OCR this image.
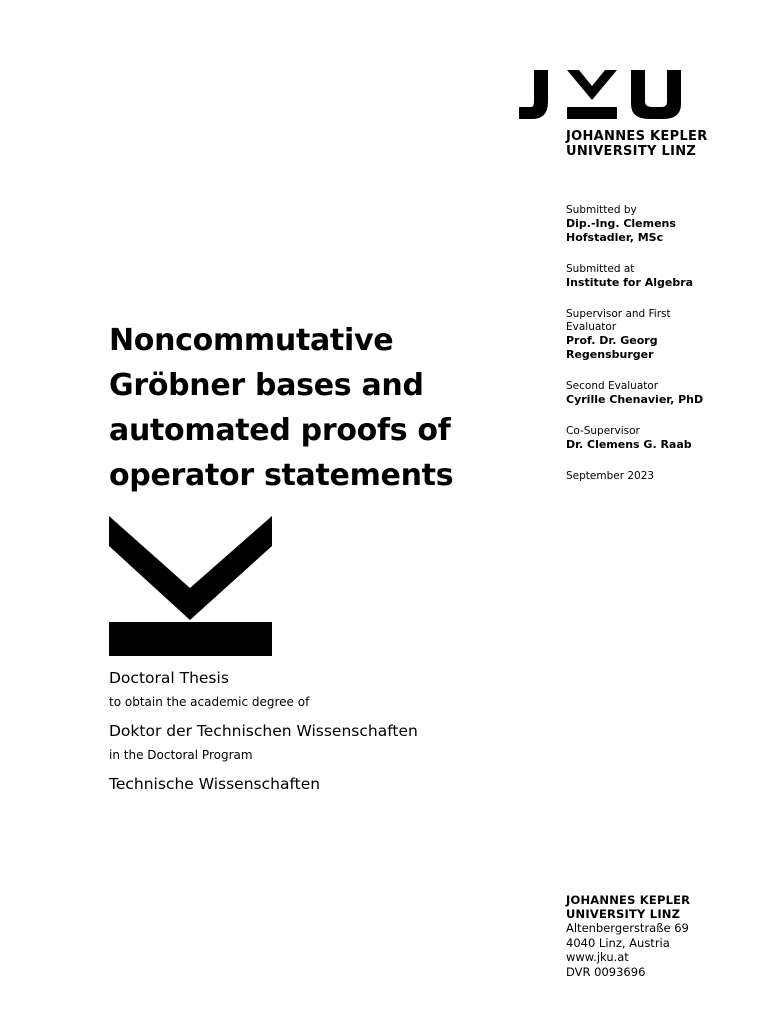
JOHANNES KEPLER
UNIVERSITY LINZ
Submitted by
Dip.-Ing. Clemens
Hofstadler, MSc
Submitted at
Institute for Algebra
Supervisor and First
Evaluator
Prof. Dr. Georg
Regensburger
Second Evaluator
Cyrille Chenavier, PhD
Co-Supervisor
Dr. Clemens G. Raab
September 2023
Noncommutative
Gröbner bases and
automated proofs of
operator statements
Doctoral Thesis
to obtain the academic degree of
Doktor der Technischen Wissenschaften
in the Doctoral Program
Technische Wissenschaften
JOHANNES KEPLER
UNIVERSITY LINZ
Altenbergerstraße 69
4040 Linz, Austria
www.jku.at
DVR 0093696
